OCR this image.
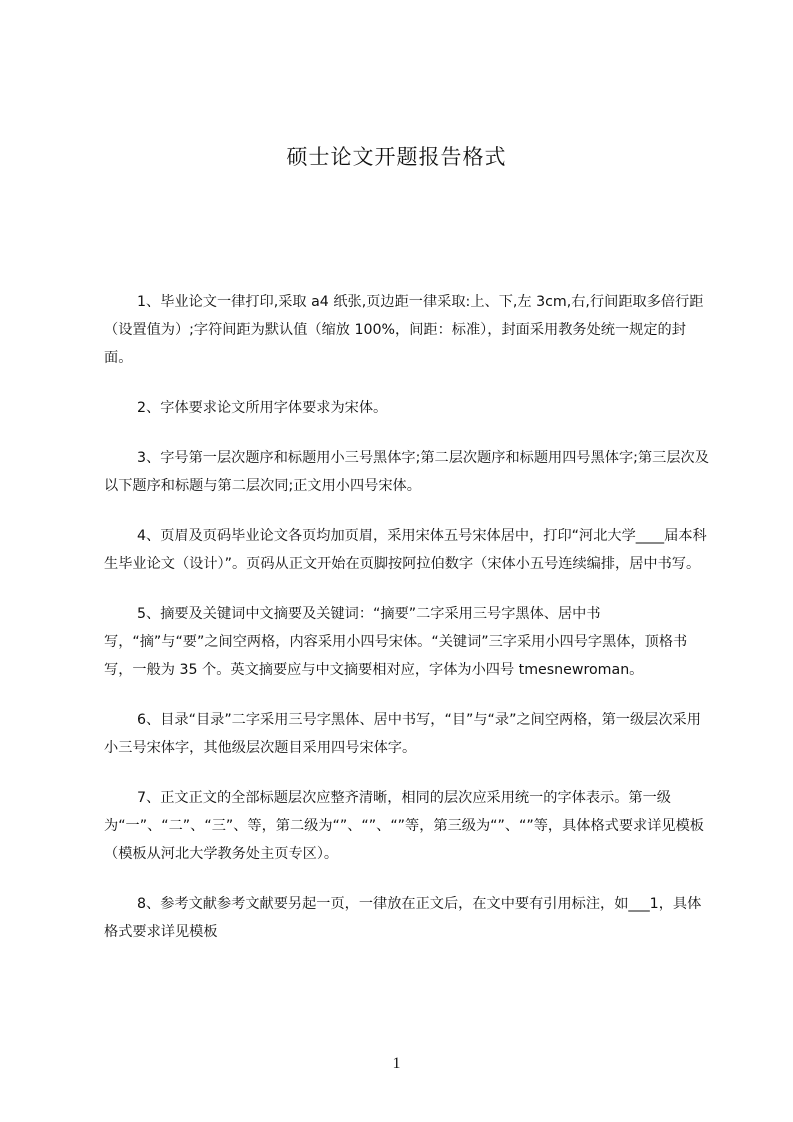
硕士论文开题报告格式

1、毕业论文一律打印,采取 a4 纸张,页边距一律采取:上、下,左 3cm,右,行间距取多倍行距（设置值为）;字符间距为默认值（缩放 100%，间距：标准），封面采用教务处统一规定的封面。

2、字体要求论文所用字体要求为宋体。

3、字号第一层次题序和标题用小三号黑体字;第二层次题序和标题用四号黑体字;第三层次及以下题序和标题与第二层次同;正文用小四号宋体。

4、页眉及页码毕业论文各页均加页眉，采用宋体五号宋体居中，打印“河北大学____届本科生毕业论文（设计）”。页码从正文开始在页脚按阿拉伯数字（宋体小五号连续编排，居中书写。

5、摘要及关键词中文摘要及关键词：“摘要”二字采用三号字黑体、居中书写，“摘”与“要”之间空两格，内容采用小四号宋体。“关键词”三字采用小四号字黑体，顶格书写，一般为 35 个。英文摘要应与中文摘要相对应，字体为小四号 tmesnewroman。

6、目录“目录”二字采用三号字黑体、居中书写，“目”与“录”之间空两格，第一级层次采用小三号宋体字，其他级层次题目采用四号宋体字。

7、正文正文的全部标题层次应整齐清晰，相同的层次应采用统一的字体表示。第一级为“一”、“二”、“三”、等，第二级为“”、“”、“”等，第三级为“”、“”等，具体格式要求详见模板（模板从河北大学教务处主页专区）。

8、参考文献参考文献要另起一页，一律放在正文后，在文中要有引用标注，如___1，具体格式要求详见模板

1
